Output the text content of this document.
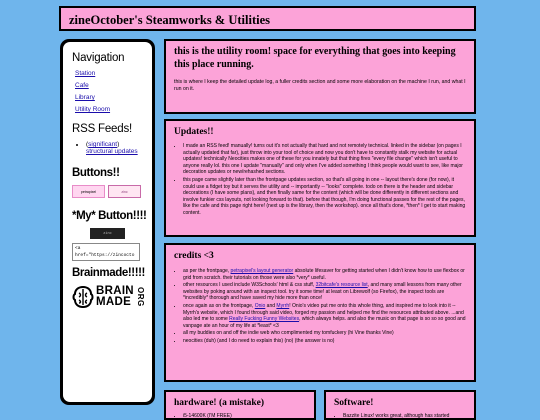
zineOctober's Steamworks & Utilities
Navigation
Station
Cafe
Library
Utility Room
RSS Feeds!
• (significant)
structural updates
Buttons!!
petrapixel	zinc
*My* Button!!!!
zinc
<a
href="https://zincocto
Brainmade!!!!!
BRAIN
MADE ORG
this is the utility room! space for everything that goes into keeping this place running.

this is where I keep the detailed update log, a fuller credits section and some more elaboration on the machine I run, and what I run on it.

Updates!!
• I made an RSS feed! manually! turns out it's not actually that hard and not remotely technical. linked in the sidebar (on pages I actually updated that far), just throw into your tool of choice and now you don't have to constantly stalk my website for actual updates! technically Neocities makes one of these for you innately but that thing fires "every file change" which isn't useful to anyone really lol. this one I update "manually" and only when I've added something I think people would want to see, like major decoration updates or new/rehashed sections.
• this page came slightly later than the frontpage updates section, so that's all going in one -- layout there's done (for now), it could use a fidget toy but it serves the utility and -- importantly -- "looks" complete. todo on there is the header and sidebar decorations (I have some plans), and then finally same for the content (which will be done differently in different sections and involve funkier css layouts, not looking forward to that). before that though, I'm doing functional passes for the rest of the pages, like the cafe and this page right here! (next up is the library, then the workshop). once all that's done, *then* I get to start making content.
credits <3
• as per the frontpage, petrapixel's layout generator absolute lifesaver for getting started when I didn't know how to use flexbox or grid from scratch. their tutorials on those were also *very* useful.
• other resources I used include W3Schools' html & css stuff, 32bitcafe's resource list, and many small lessons from many other websites by poking around with an inspect tool. try it some time! at least on Librewolf (so Firefox), the inspect tools are *incredibly* thorough and have saved my hide more than once!
• once again as on the frontpage, Onio and Myrrh! Onio's video put me onto this whole thing, and inspired me to look into it -- Myrrh's website, which I found through said video, forged my passion and helped me find the resources attributed above. ...and also led me to some Really Fucking Funny Websites, which always helps. and also the music on that page is so so so good and vanpage ate an hour of my life at *least* <3
• all my buddies on and off the indie web who complimented my tomfuckery (hi Vine thanks Vine)
• neocities (duh) (and I do need to explain this) (no) (the answer is no)
hardware! (a mistake)
• i5-14600K (I'M FREE)
Software!
• Bazzite Linux! works great, although has started
